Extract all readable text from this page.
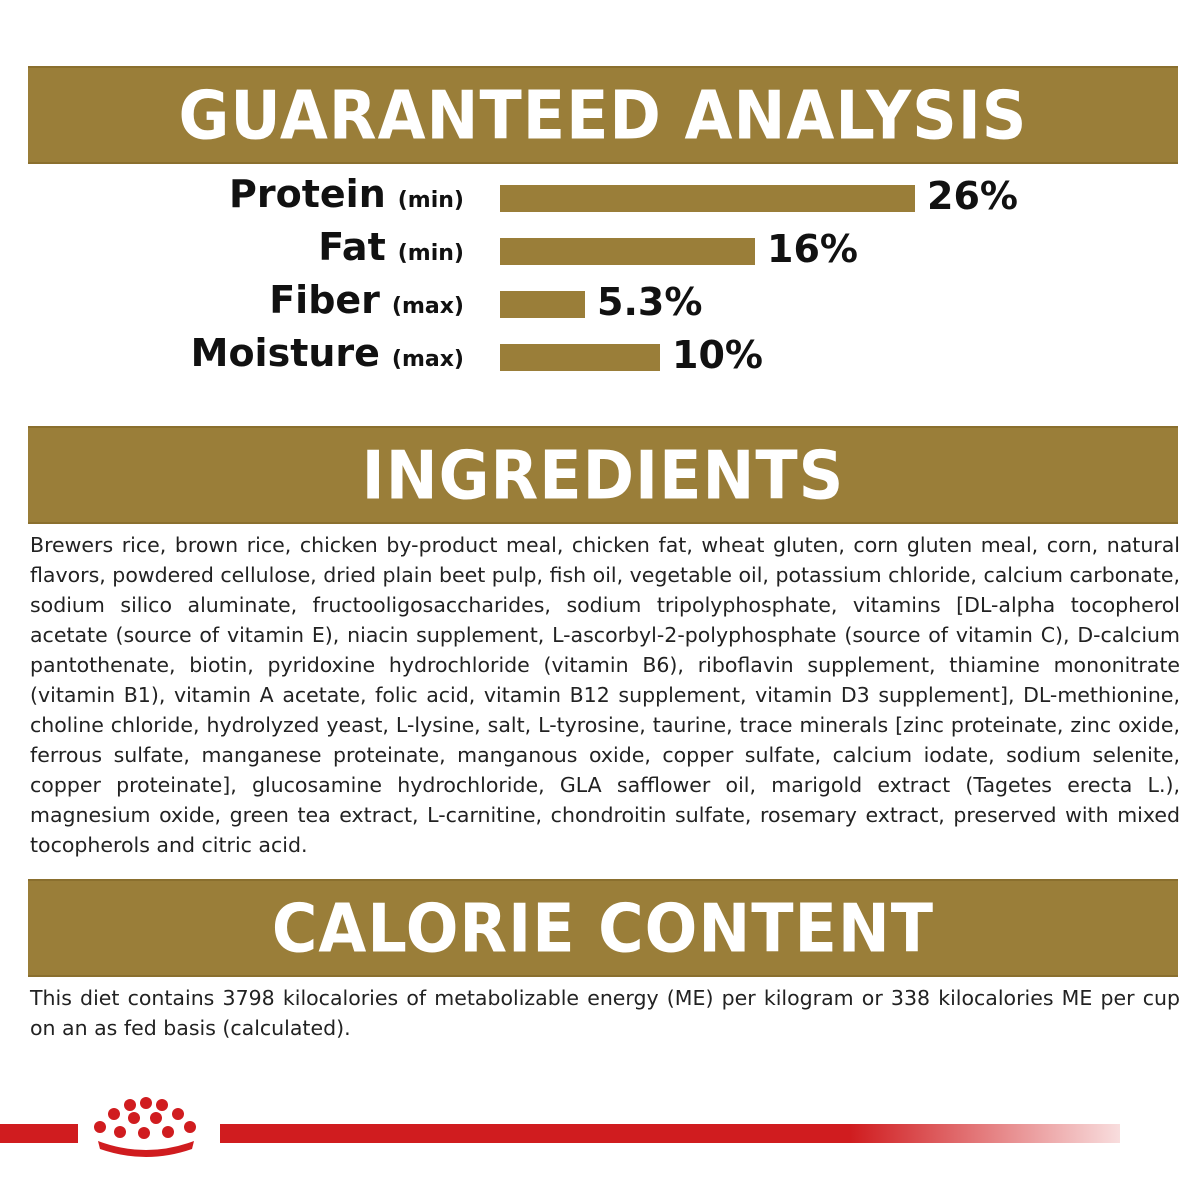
GUARANTEED ANALYSIS
Protein (min)	26%
Fat (min)	16%
Fiber (max)	5.3%
Moisture (max)	10%
INGREDIENTS

Brewers rice, brown rice, chicken by-product meal, chicken fat, wheat gluten, corn gluten meal, corn, natural flavors, powdered cellulose, dried plain beet pulp, fish oil, vegetable oil, potassium chloride, calcium carbonate, sodium silico aluminate, fructooligosaccharides, sodium tripolyphosphate, vitamins [DL-alpha tocopherol acetate (source of vitamin E), niacin supplement, L-ascorbyl-2-polyphosphate (source of vitamin C), D-calcium pantothenate, biotin, pyridoxine hydrochloride (vitamin B6), riboflavin supplement, thiamine mononitrate (vitamin B1), vitamin A acetate, folic acid, vitamin B12 supplement, vitamin D3 supplement], DL-methionine, choline chloride, hydrolyzed yeast, L-lysine, salt, L-tyrosine, taurine, trace minerals [zinc proteinate, zinc oxide, ferrous sulfate, manganese proteinate, manganous oxide, copper sulfate, calcium iodate, sodium selenite, copper proteinate], glucosamine hydrochloride, GLA safflower oil, marigold extract (Tagetes erecta L.), magnesium oxide, green tea extract, L-carnitine, chondroitin sulfate, rosemary extract, preserved with mixed tocopherols and citric acid.

CALORIE CONTENT

This diet contains 3798 kilocalories of metabolizable energy (ME) per kilogram or 338 kilocalories ME per cup on an as fed basis (calculated).
